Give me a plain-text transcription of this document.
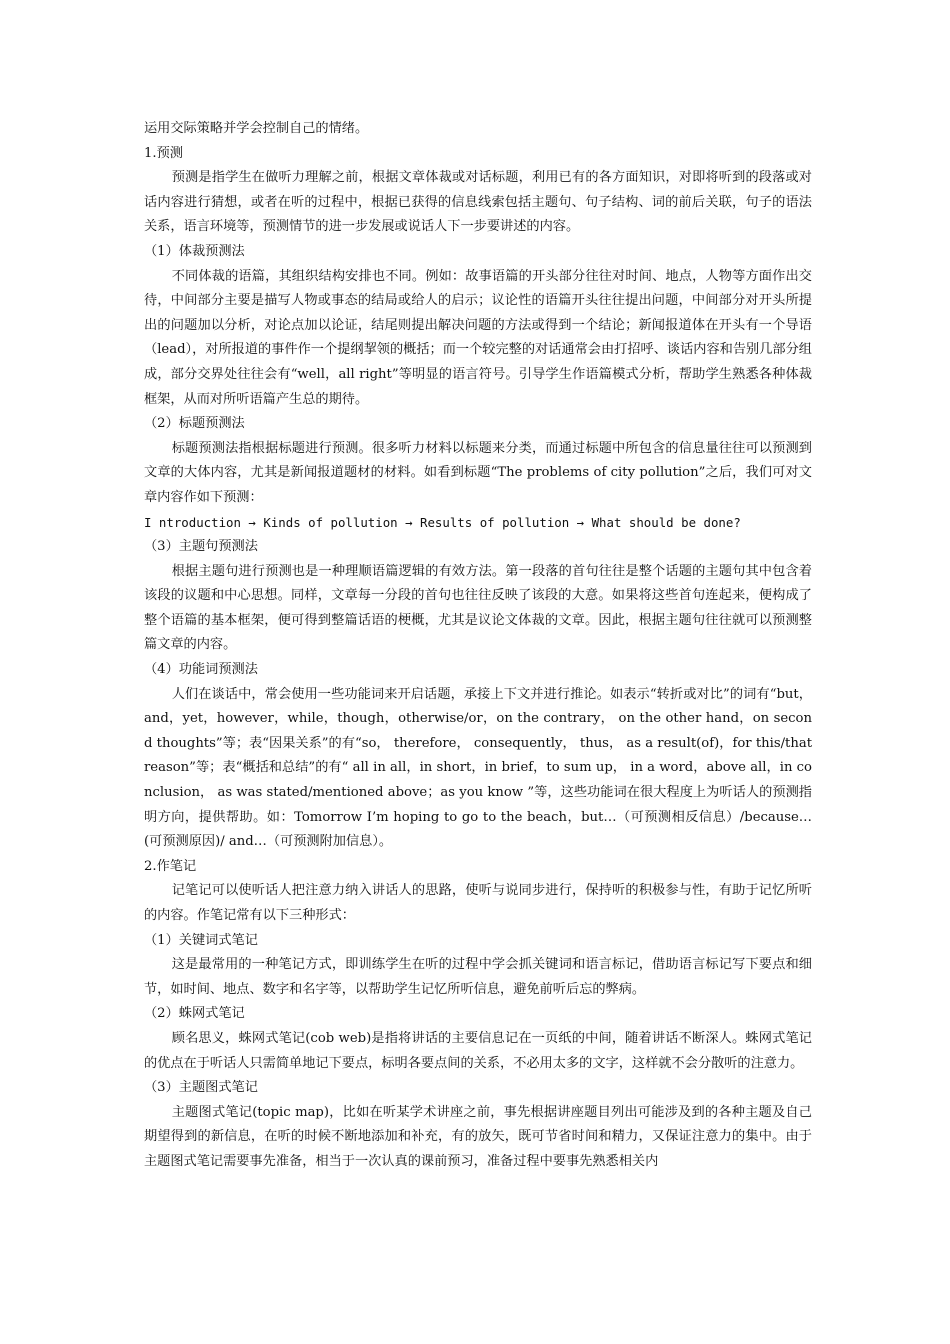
运用交际策略并学会控制自己的情绪。

1.预测

预测是指学生在做听力理解之前，根据文章体裁或对话标题，利用已有的各方面知识，对即将听到的段落或对话内容进行猜想，或者在听的过程中，根据已获得的信息线索包括主题句、句子结构、词的前后关联，句子的语法关系，语言环境等，预测情节的进一步发展或说话人下一步要讲述的内容。

（1）体裁预测法

不同体裁的语篇，其组织结构安排也不同。例如：故事语篇的开头部分往往对时间、地点，人物等方面作出交待，中间部分主要是描写人物或事态的结局或给人的启示；议论性的语篇开头往往提出问题，中间部分对开头所提出的问题加以分析，对论点加以论证，结尾则提出解决问题的方法或得到一个结论；新闻报道体在开头有一个导语（lead），对所报道的事件作一个提纲挈领的概括；而一个较完整的对话通常会由打招呼、谈话内容和告别几部分组成，部分交界处往往会有“well，all right”等明显的语言符号。引导学生作语篇模式分析，帮助学生熟悉各种体裁框架，从而对所听语篇产生总的期待。

（2）标题预测法

标题预测法指根据标题进行预测。很多听力材料以标题来分类，而通过标题中所包含的信息量往往可以预测到文章的大体内容，尤其是新闻报道题材的材料。如看到标题“The problems of city pollution”之后，我们可对文章内容作如下预测：

I ntroduction → Kinds of pollution → Results of pollution → What should be done?

（3）主题句预测法

根据主题句进行预测也是一种理顺语篇逻辑的有效方法。第一段落的首句往往是整个话题的主题句其中包含着该段的议题和中心思想。同样，文章每一分段的首句也往往反映了该段的大意。如果将这些首句连起来，便构成了整个语篇的基本框架，便可得到整篇话语的梗概，尤其是议论文体裁的文章。因此，根据主题句往往就可以预测整篇文章的内容。

（4）功能词预测法

人们在谈话中，常会使用一些功能词来开启话题，承接上下文并进行推论。如表示“转折或对比”的词有“but，and，yet，however，while，though，otherwise/or，on the contrary， on the other hand，on second thoughts”等；表“因果关系”的有“so， therefore， consequently， thus， as a result(of)，for this/that reason”等；表“概括和总结”的有“ all in all，in short，in brief，to sum up， in a word，above all，in conclusion， as was stated/mentioned above；as you know ”等，这些功能词在很大程度上为听话人的预测指明方向，提供帮助。如：Tomorrow I’m hoping to go to the beach，but…（可预测相反信息）/because…(可预测原因)/ and…（可预测附加信息）。

2.作笔记

记笔记可以使听话人把注意力纳入讲话人的思路，使听与说同步进行，保持听的积极参与性，有助于记忆所听的内容。作笔记常有以下三种形式：

（1）关键词式笔记

这是最常用的一种笔记方式，即训练学生在听的过程中学会抓关键词和语言标记，借助语言标记写下要点和细节，如时间、地点、数字和名字等，以帮助学生记忆所听信息，避免前听后忘的弊病。

（2）蛛网式笔记

顾名思义，蛛网式笔记(cob web)是指将讲话的主要信息记在一页纸的中间，随着讲话不断深人。蛛网式笔记的优点在于听话人只需简单地记下要点，标明各要点间的关系，不必用太多的文字，这样就不会分散听的注意力。

（3）主题图式笔记

主题图式笔记(topic map)，比如在听某学术讲座之前，事先根据讲座题目列出可能涉及到的各种主题及自己期望得到的新信息，在听的时候不断地添加和补充，有的放矢，既可节省时间和精力，又保证注意力的集中。由于主题图式笔记需要事先准备，相当于一次认真的课前预习，准备过程中要事先熟悉相关内
